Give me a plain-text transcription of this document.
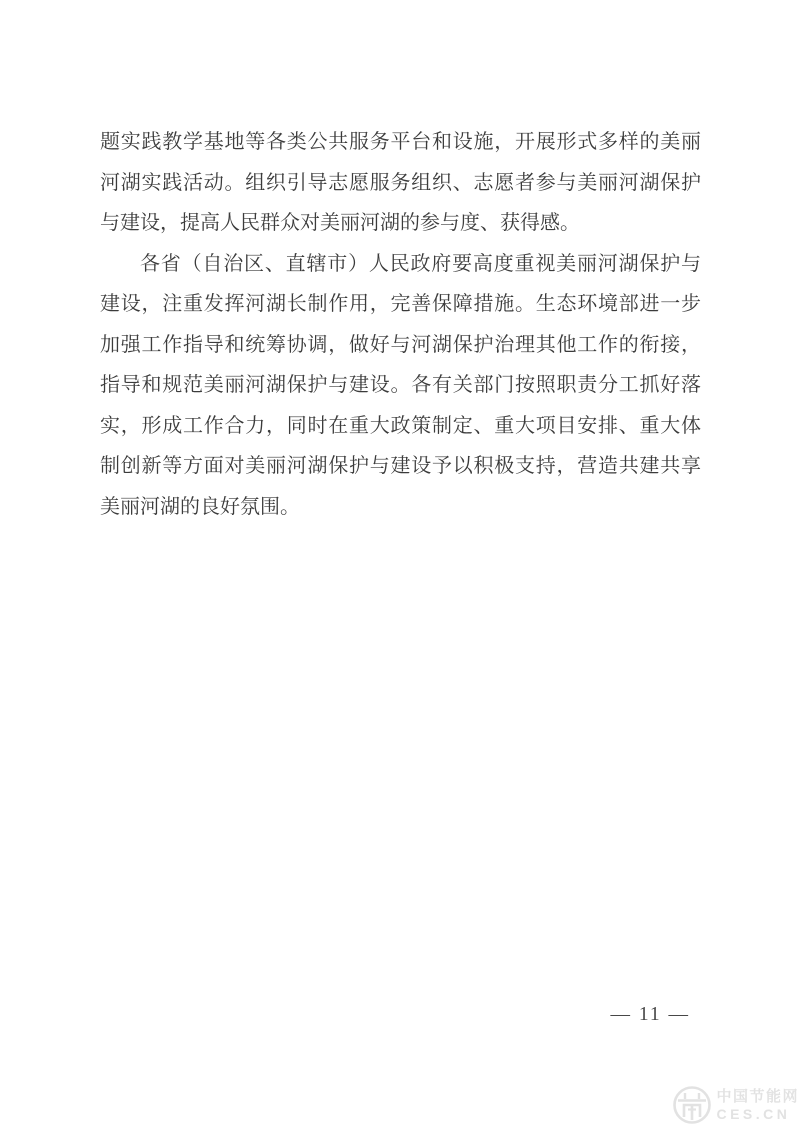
题实践教学基地等各类公共服务平台和设施，开展形式多样的美丽
河湖实践活动。组织引导志愿服务组织、志愿者参与美丽河湖保护
与建设，提高人民群众对美丽河湖的参与度、获得感。
各省（自治区、直辖市）人民政府要高度重视美丽河湖保护与
建设，注重发挥河湖长制作用，完善保障措施。生态环境部进一步
加强工作指导和统筹协调，做好与河湖保护治理其他工作的衔接，
指导和规范美丽河湖保护与建设。各有关部门按照职责分工抓好落
实，形成工作合力，同时在重大政策制定、重大项目安排、重大体
制创新等方面对美丽河湖保护与建设予以积极支持，营造共建共享
美丽河湖的良好氛围。
— 11 —
中国节能网
CES.CN
